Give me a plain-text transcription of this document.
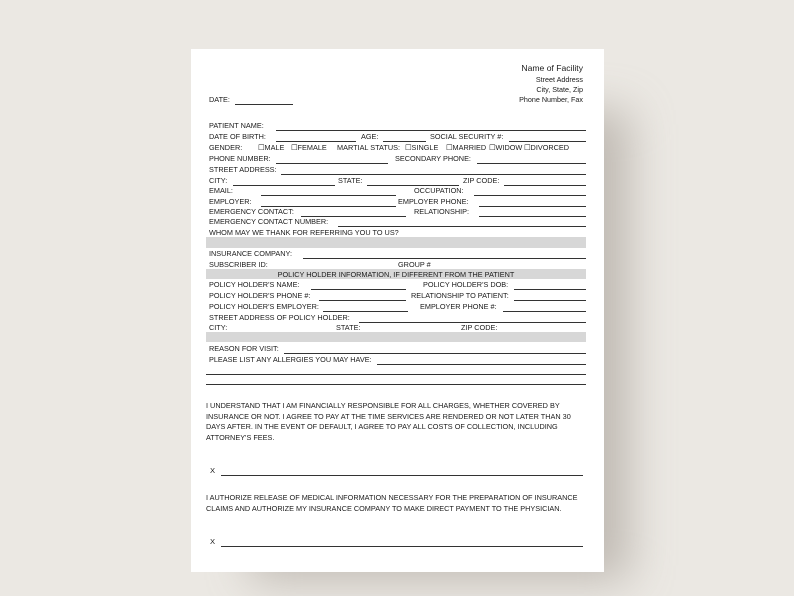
Name of Facility
Street Address
City, State, Zip
Phone Number, Fax
DATE:
PATIENT NAME:
DATE OF BIRTH:	AGE:	SOCIAL SECURITY #:
GENDER: ☐MALE ☐FEMALE MARTIAL STATUS: ☐SINGLE ☐MARRIED ☐WIDOW ☐DIVORCED
PHONE NUMBER:	SECONDARY PHONE:
STREET ADDRESS:
CITY:	STATE:	ZIP CODE:
EMAIL:	OCCUPATION:
EMPLOYER:	EMPLOYER PHONE:
EMERGENCY CONTACT:	RELATIONSHIP:
EMERGENCY CONTACT NUMBER:
WHOM MAY WE THANK FOR REFERRING YOU TO US?
INSURANCE COMPANY:
SUBSCRIBER ID:	GROUP #
POLICY HOLDER INFORMATION, IF DIFFERENT FROM THE PATIENT
POLICY HOLDER'S NAME:	POLICY HOLDER'S DOB:
POLICY HOLDER'S PHONE #:	RELATIONSHIP TO PATIENT:
POLICY HOLDER'S EMPLOYER:	EMPLOYER PHONE #:
STREET ADDRESS OF POLICY HOLDER:
CITY:	STATE:	ZIP CODE:
REASON FOR VISIT:
PLEASE LIST ANY ALLERGIES YOU MAY HAVE:
I UNDERSTAND THAT I AM FINANCIALLY RESPONSIBLE FOR ALL CHARGES, WHETHER COVERED BY
INSURANCE OR NOT. I AGREE TO PAY AT THE TIME SERVICES ARE RENDERED OR NOT LATER THAN 30
DAYS AFTER. IN THE EVENT OF DEFAULT, I AGREE TO PAY ALL COSTS OF COLLECTION, INCLUDING
ATTORNEY'S FEES.
X
I AUTHORIZE RELEASE OF MEDICAL INFORMATION NECESSARY FOR THE PREPARATION OF INSURANCE
CLAIMS AND AUTHORIZE MY INSURANCE COMPANY TO MAKE DIRECT PAYMENT TO THE PHYSICIAN.
X
